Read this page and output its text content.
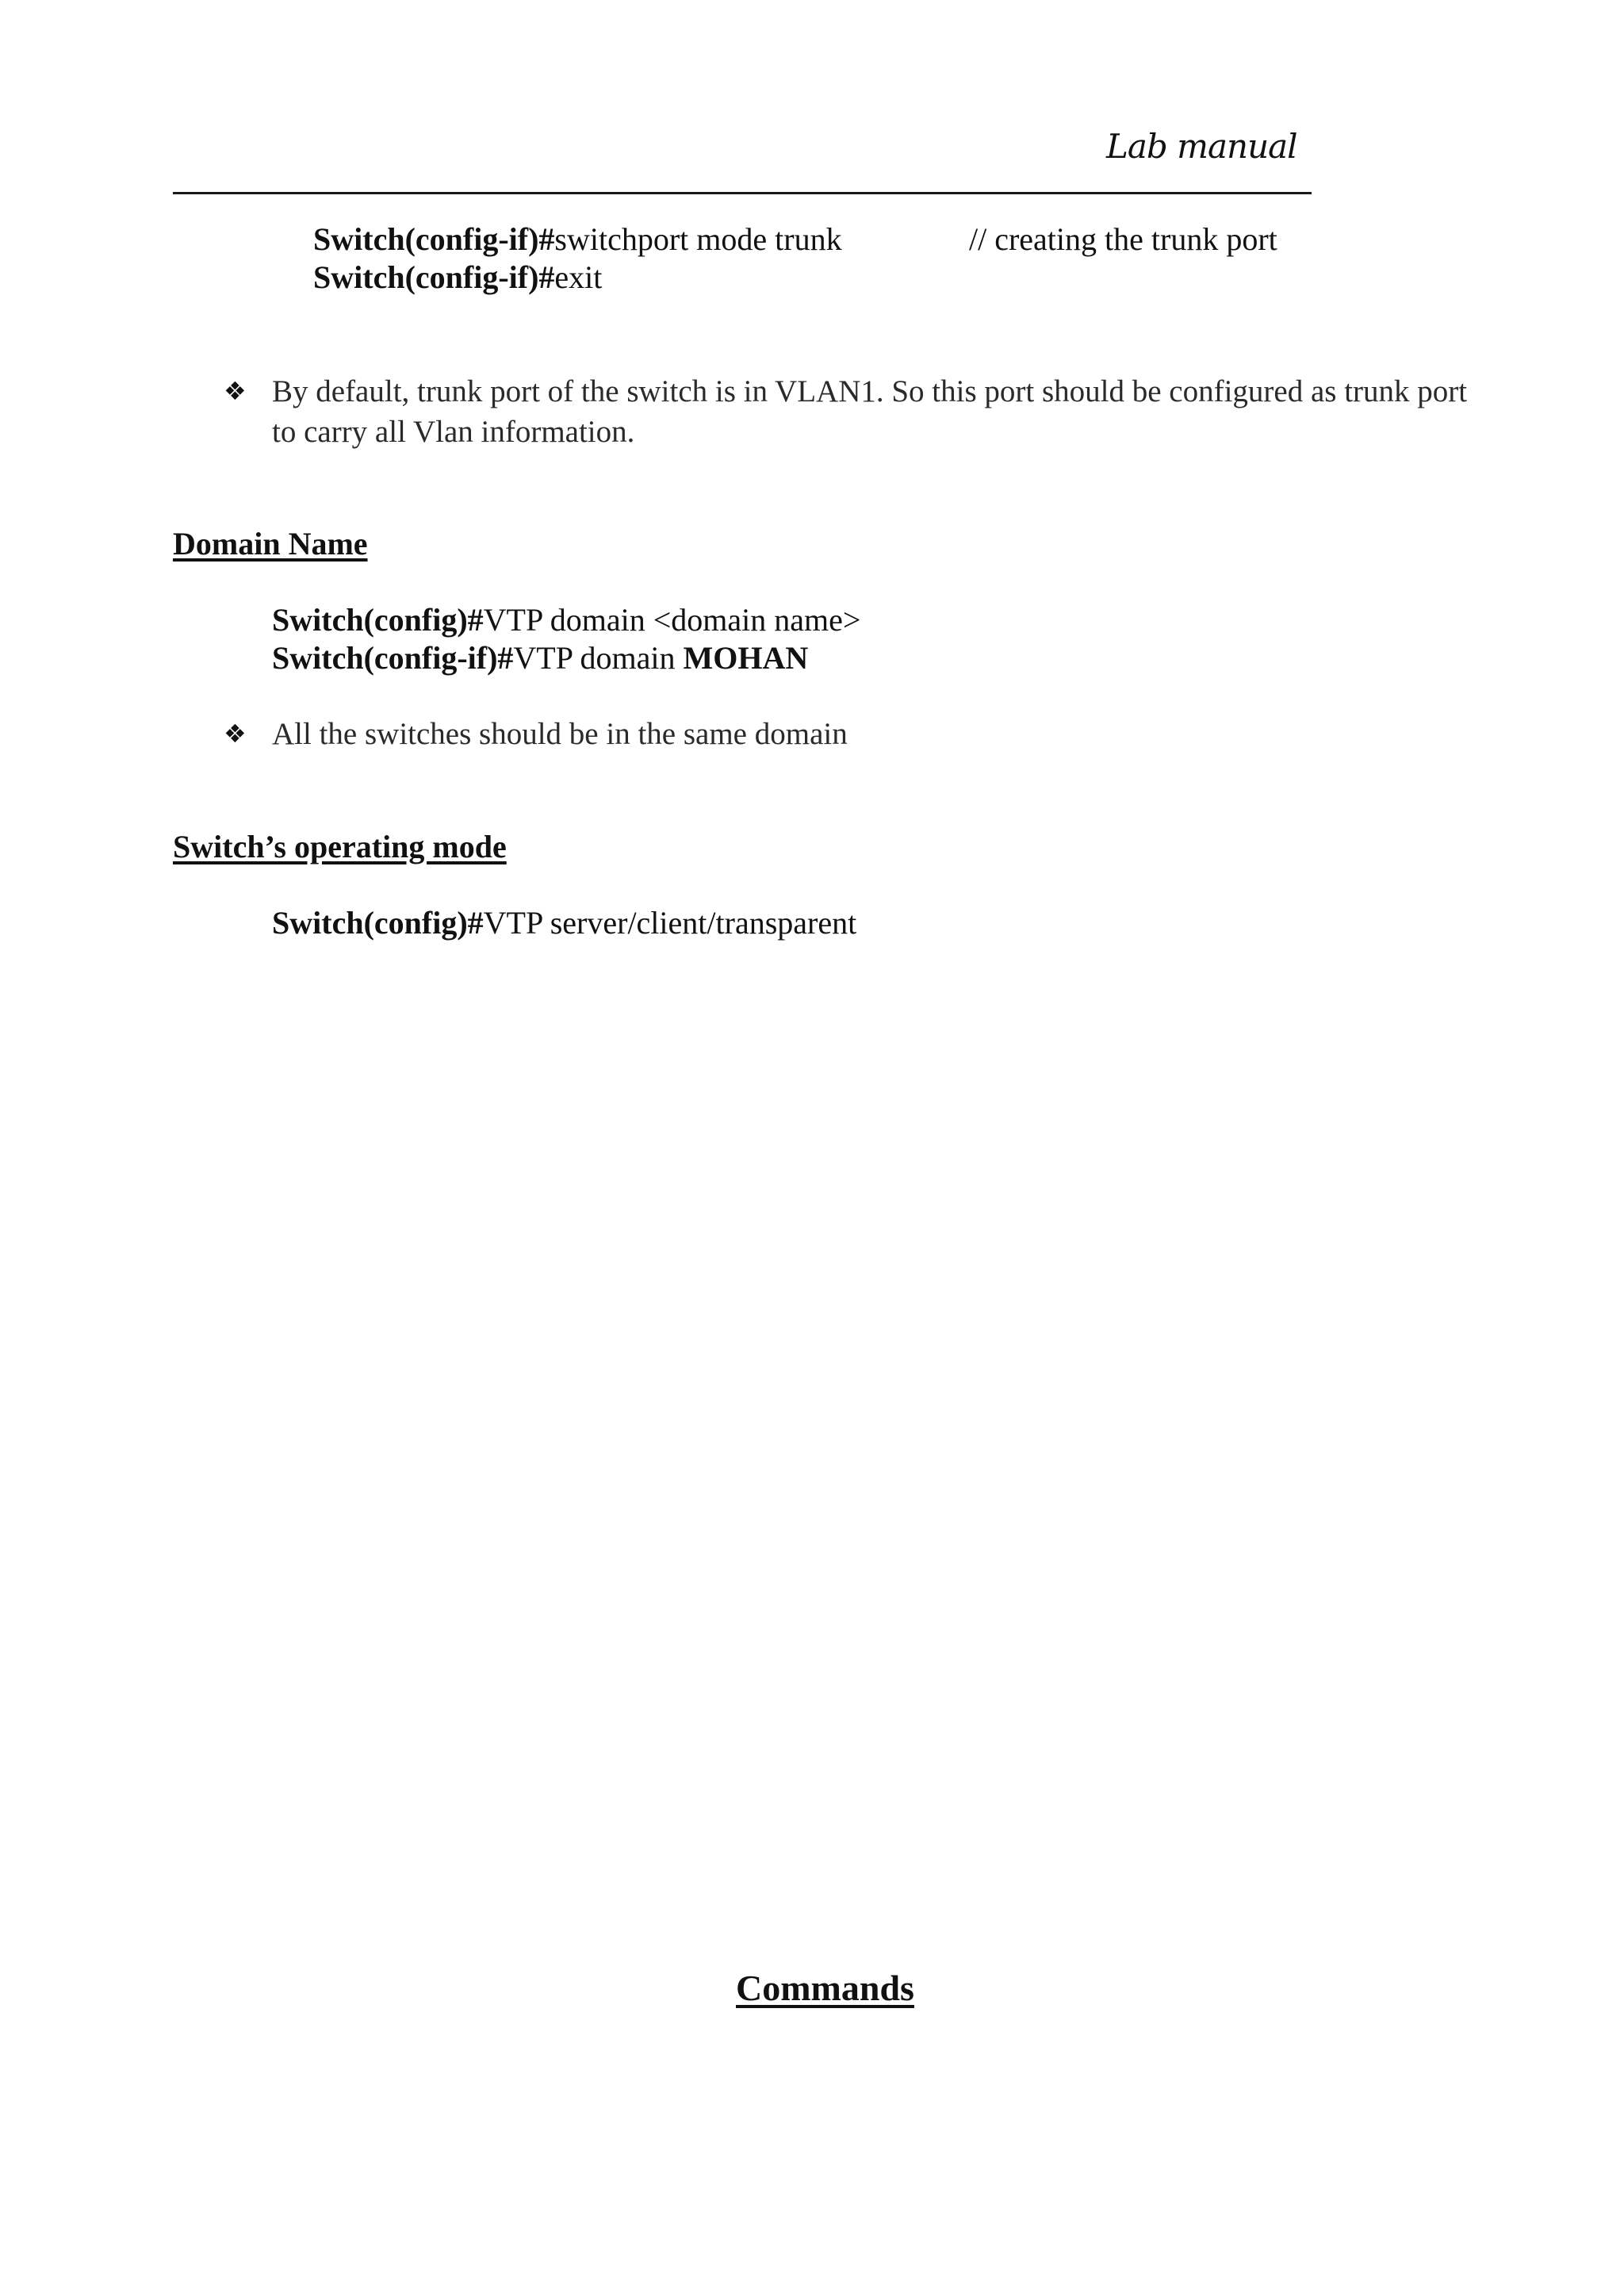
Lab manual
Switch(config-if)#switchport mode trunk	// creating the trunk port
Switch(config-if)#exit
❖ By default, trunk port of the switch is in VLAN1. So this port should be configured as trunk port to carry all Vlan information.
Domain Name
Switch(config)#VTP domain <domain name>
Switch(config-if)#VTP domain MOHAN
❖ All the switches should be in the same domain
Switch’s operating mode
Switch(config)#VTP server/client/transparent
Commands
